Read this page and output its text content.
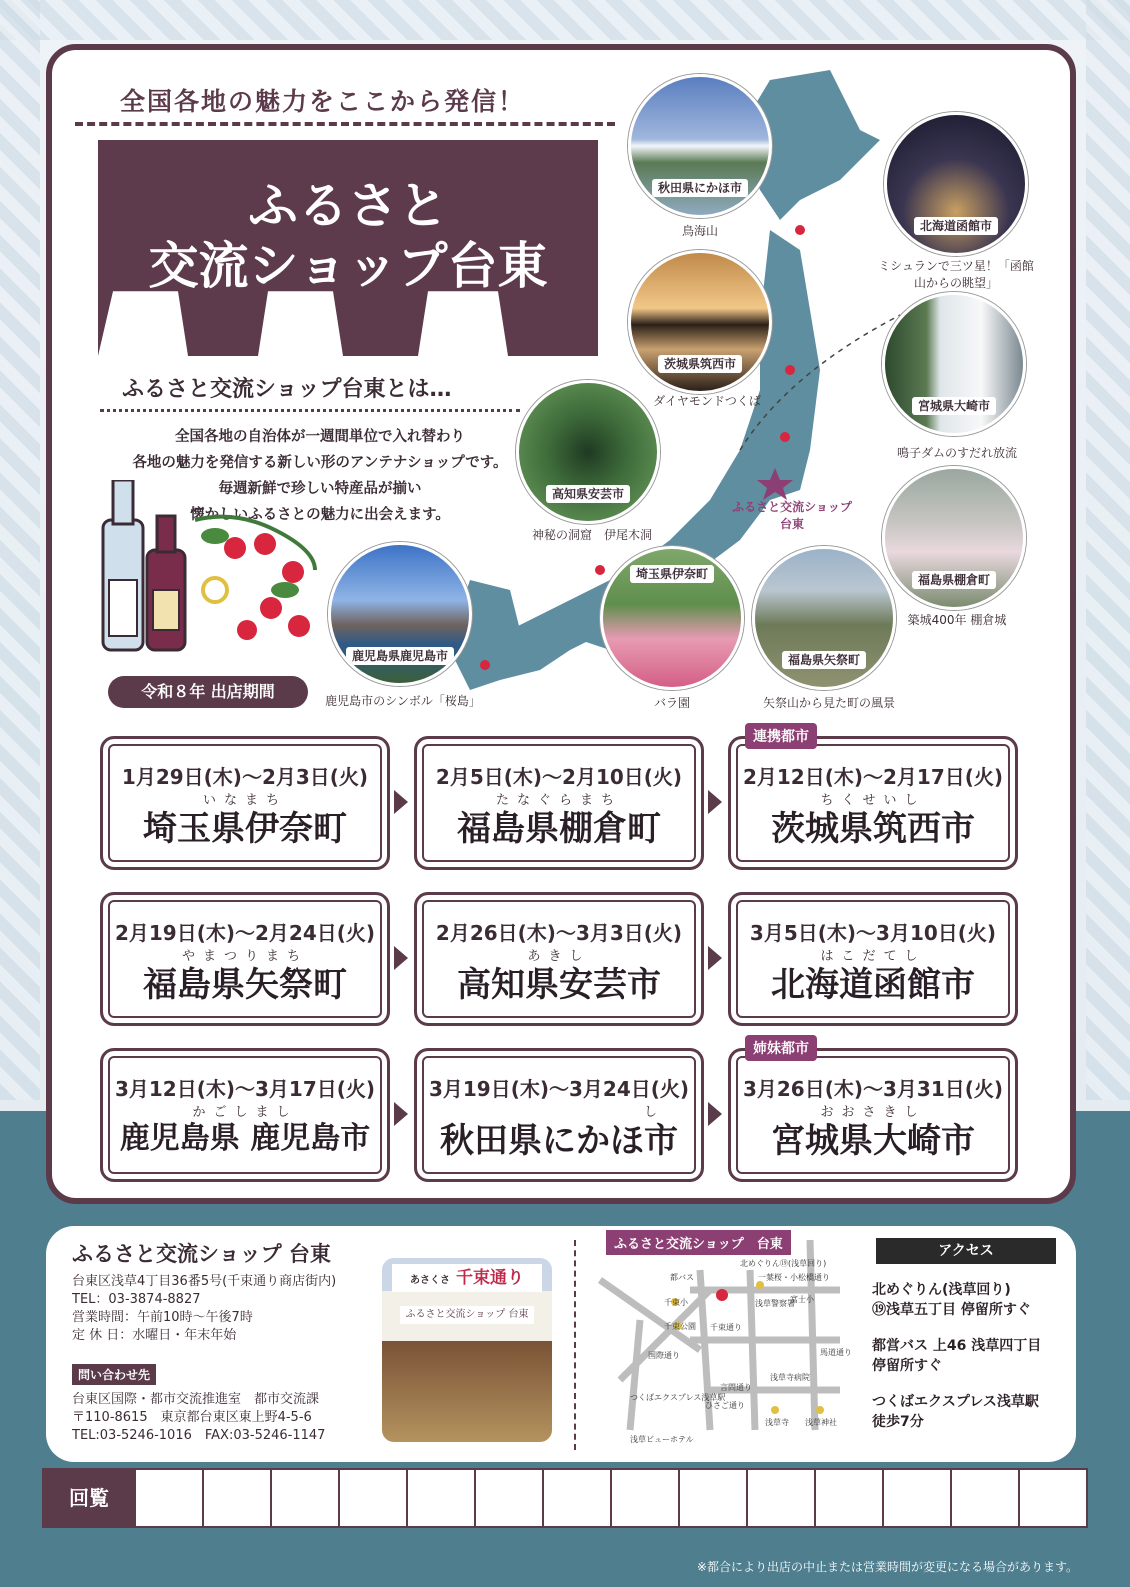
全国各地の魅力をここから発信！
ふるさと
交流ショップ台東
ふるさと交流ショップ台東とは…
全国各地の自治体が一週間単位で入れ替わり
各地の魅力を発信する新しい形のアンテナショップです。
毎週新鮮で珍しい特産品が揃い
懐かしいふるさとの魅力に出会えます。	ふるさと交流ショップ台東
秋田県にかほ市
鳥海山	北海道函館市
ミシュランで三ツ星！「函館山からの眺望」
茨城県筑西市
ダイヤモンドつくば	宮城県大崎市
鳴子ダムのすだれ放流
高知県安芸市
神秘の洞窟　伊尾木洞
福島県棚倉町
築城400年 棚倉城
埼玉県伊奈町
バラ園
福島県矢祭町
矢祭山から見た町の風景
鹿児島県鹿児島市
鹿児島市のシンボル「桜島」
令和８年 出店期間
1月29日(木)～2月3日(火)
いなまち
埼玉県伊奈町
2月5日(木)～2月10日(火)
たなぐらまち
福島県棚倉町
連携都市
2月12日(木)～2月17日(火)
ちくせいし
茨城県筑西市
2月19日(木)～2月24日(火)
やまつりまち
福島県矢祭町
2月26日(木)～3月3日(火)
あきし
高知県安芸市
3月5日(木)～3月10日(火)
はこだてし
北海道函館市
3月12日(木)～3月17日(火)
かごしまし
鹿児島県 鹿児島市
3月19日(木)～3月24日(火)
し
秋田県にかほ市
姉妹都市
3月26日(木)～3月31日(火)
おおさきし
宮城県大崎市
ふるさと交流ショップ 台東
台東区浅草4丁目36番5号(千束通り商店街内)
TEL：03-3874-8827
営業時間：午前10時～午後7時
定 休 日：水曜日・年末年始
問い合わせ先
台東区国際・都市交流推進室　都市交流課
〒110-8615　東京都台東区東上野4-5-6
TEL:03-5246-1016　FAX:03-5246-1147
あさくさ 千束通り
ふるさと交流ショップ 台東
都バス
北めぐりん⑲(浅草回り)
一葉桜・小松橋通り
浅草警察署
富士小
千束小
千束公園 千束通り
国際通り
言問通り
馬道通り
浅草寺病院
浅草寺 浅草神社
つくばエクスプレス浅草駅
ひさご通り
浅草ビューホテル
ふるさと交流ショップ　台東	アクセス
北めぐりん(浅草回り)
⑲浅草五丁目 停留所すぐ
都営バス 上46 浅草四丁目
停留所すぐ
つくばエクスプレス浅草駅
徒歩7分
回覧
※都合により出店の中止または営業時間が変更になる場合があります。
